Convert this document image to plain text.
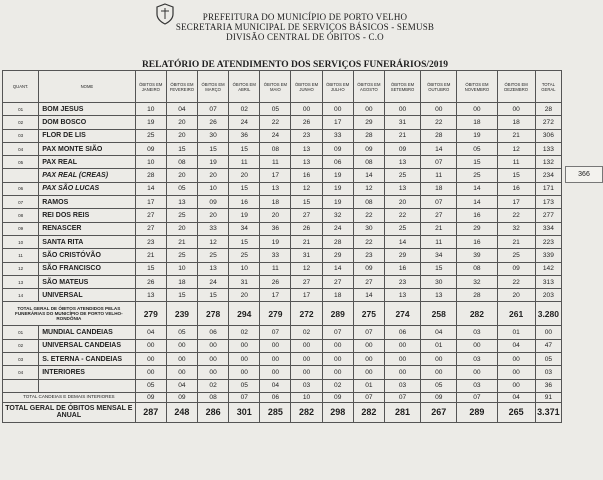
PREFEITURA DO MUNICÍPIO DE PORTO VELHO
SECRETARIA MUNICIPAL DE SERVIÇOS BÁSICOS - SEMUSB
DIVISÃO CENTRAL DE ÓBITOS - C.O
RELATÓRIO DE ATENDIMENTO DOS SERVIÇOS FUNERÁRIOS/2019
QUANT.	NOME	ÓBITOS EM JANEIRO	ÓBITOS EM FEVEREIRO	ÓBITOS EM MARÇO	ÓBITOS EM ABRIL	ÓBITOS EM MAIO	ÓBITOS EM JUNHO	ÓBITOS EM JULHO	ÓBITOS EM AGOSTO	ÓBITOS EM SETEMBRO	ÓBITOS EM OUTUBRO	ÓBITOS EM NOVEMBRO	ÓBITOS EM DEZEMBRO	TOTAL GERAL
01	BOM JESUS	10	04	07	02	05	00	00	00	00	00	00	00	28
02	DOM BOSCO	19	20	26	24	22	26	17	29	31	22	18	18	272
03	FLOR DE LIS	25	20	30	36	24	23	33	28	21	28	19	21	306
04	PAX MONTE SIÃO	09	15	15	15	08	13	09	09	09	14	05	12	133
05	PAX REAL	10	08	19	11	11	13	06	08	13	07	15	11	132
	PAX REAL (CREAS)	28	20	20	20	17	16	19	14	25	11	25	15	234
06	PAX SÃO LUCAS	14	05	10	15	13	12	19	12	13	18	14	16	171
07	RAMOS	17	13	09	16	18	15	19	08	20	07	14	17	173
08	REI DOS REIS	27	25	20	19	20	27	32	22	22	27	16	22	277
09	RENASCER	27	20	33	34	36	26	24	30	25	21	29	32	334
10	SANTA RITA	23	21	12	15	19	21	28	22	14	11	16	21	223
11	SÃO CRISTÓVÃO	21	25	25	25	33	31	29	23	29	34	39	25	339
12	SÃO FRANCISCO	15	10	13	10	11	12	14	09	16	15	08	09	142
13	SÃO MATEUS	26	18	24	31	26	27	27	27	23	30	32	22	313
14	UNIVERSAL	13	15	15	20	17	17	18	14	13	13	28	20	203
TOTAL GERAL DE ÓBITOS ATENDIDOS PELAS FUNERÁRIAS DO MUNICÍPIO DE PORTO VELHO-RONDÔNIA		279	239	278	294	279	272	289	275	274	258	282	261	3.280
01	MUNDIAL CANDEIAS	04	05	06	02	07	02	07	07	06	04	03	01	00
02	UNIVERSAL CANDEIAS	00	00	00	00	00	00	00	00	00	01	00	04	47
03	S. ETERNA - CANDEIAS	00	00	00	00	00	00	00	00	00	00	03	00	05
04	INTERIORES	00	00	00	00	00	00	00	00	00	00	00	00	03
		05	04	02	05	04	03	02	01	03	05	03	00	36
TOTAL CANDEIAS E DEMAIS INTERIORES		09	09	08	07	06	10	09	07	07	09	07	04	91
TOTAL GERAL DE ÓBITOS MENSAL E ANUAL		287	248	286	301	285	282	298	282	281	267	289	265	3.371
366
